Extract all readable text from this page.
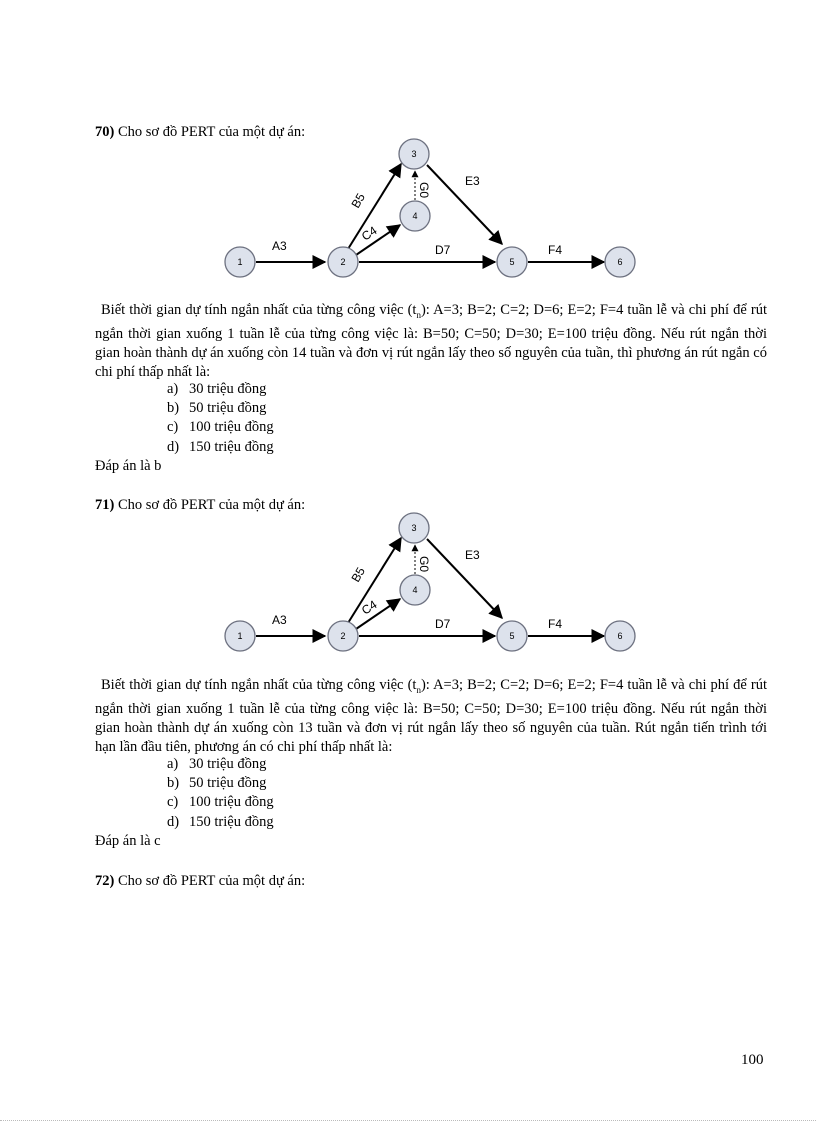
70) Cho sơ đồ PERT của một dự án:
A3
B5
C4
D7
E3
F4
G0
1	2
3
4
5	6
Biết thời gian dự tính ngắn nhất của từng công việc $(t_n)$: A=3; B=2; C=2; D=6; E=2; F=4 tuần lễ và chi phí để rút ngắn thời gian xuống 1 tuần lễ của từng công việc là: B=50; C=50; D=30; E=100 triệu đồng. Nếu rút ngắn thời gian hoàn thành dự án xuống còn 14 tuần và đơn vị rút ngắn lấy theo số nguyên của tuần, thì phương án rút ngắn có chi phí thấp nhất là:
a) 30 triệu đồng
b) 50 triệu đồng
c) 100 triệu đồng
d) 150 triệu đồng
Đáp án là b
71) Cho sơ đồ PERT của một dự án:
A3
B5
C4
D7
E3
F4
G0
1	2
3
4
5	6
Biết thời gian dự tính ngắn nhất của từng công việc $(t_n)$: A=3; B=2; C=2; D=6; E=2; F=4 tuần lễ và chi phí để rút ngắn thời gian xuống 1 tuần lễ của từng công việc là: B=50; C=50; D=30; E=100 triệu đồng. Nếu rút ngắn thời gian hoàn thành dự án xuống còn 13 tuần và đơn vị rút ngắn lấy theo số nguyên của tuần. Rút ngắn tiến trình tới hạn lần đầu tiên, phương án có chi phí thấp nhất là:
a) 30 triệu đồng
b) 50 triệu đồng
c) 100 triệu đồng
d) 150 triệu đồng
Đáp án là c
72) Cho sơ đồ PERT của một dự án:
100
